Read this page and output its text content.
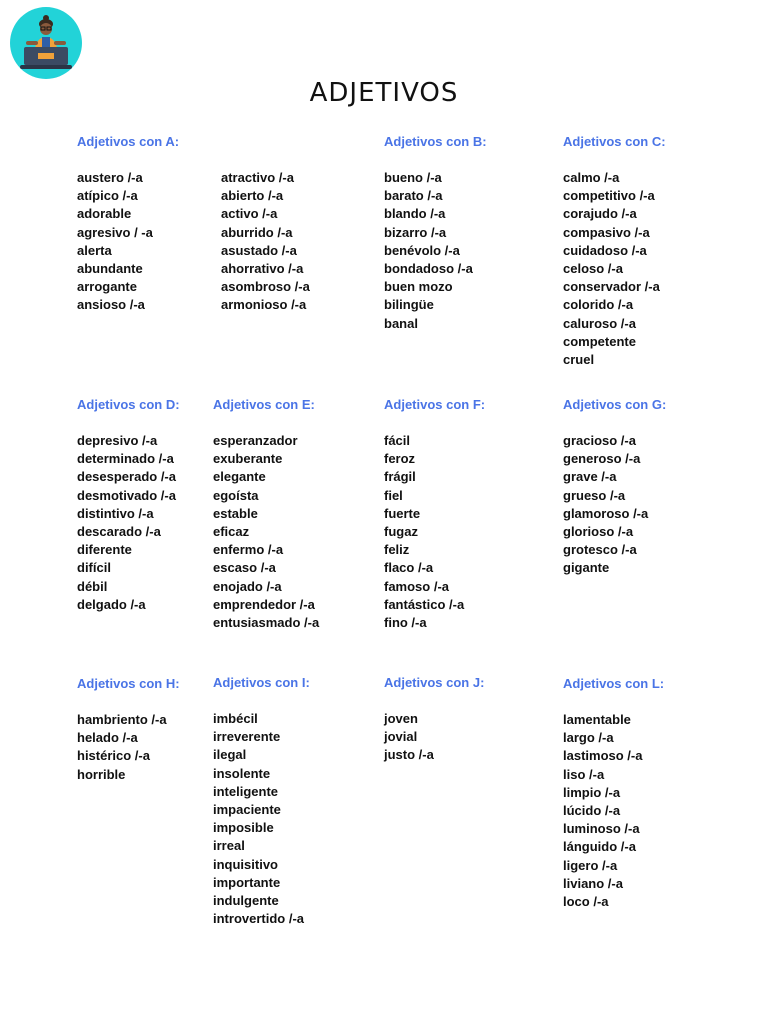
ADJETIVOS
Adjetivos con A:
austero /-a
atípico /-a
adorable
agresivo / -a
alerta
abundante
arrogante
ansioso /-a
atractivo /-a
abierto /-a
activo /-a
aburrido /-a
asustado /-a
ahorrativo /-a
asombroso /-a
armonioso /-a
Adjetivos con B:
bueno /-a
barato /-a
blando /-a
bizarro /-a
benévolo /-a
bondadoso /-a
buen mozo
bilingüe
banal
Adjetivos con C:
calmo /-a
competitivo /-a
corajudo /-a
compasivo /-a
cuidadoso /-a
celoso /-a
conservador /-a
colorido /-a
caluroso /-a
competente
cruel
Adjetivos con D:
depresivo /-a
determinado /-a
desesperado /-a
desmotivado /-a
distintivo /-a
descarado /-a
diferente
difícil
débil
delgado /-a
Adjetivos con E:
esperanzador
exuberante
elegante
egoísta
estable
eficaz
enfermo /-a
escaso /-a
enojado /-a
emprendedor /-a
entusiasmado /-a
Adjetivos con F:
fácil
feroz
frágil
fiel
fuerte
fugaz
feliz
flaco /-a
famoso /-a
fantástico /-a
fino /-a
Adjetivos con G:
gracioso /-a
generoso /-a
grave /-a
grueso /-a
glamoroso /-a
glorioso /-a
grotesco /-a
gigante
Adjetivos con H:
hambriento /-a
helado /-a
histérico /-a
horrible
Adjetivos con I:
imbécil
irreverente
ilegal
insolente
inteligente
impaciente
imposible
irreal
inquisitivo
importante
indulgente
introvertido /-a
Adjetivos con J:
joven
jovial
justo /-a
Adjetivos con L:
lamentable
largo /-a
lastimoso /-a
liso /-a
limpio /-a
lúcido /-a
luminoso /-a
lánguido /-a
ligero /-a
liviano /-a
loco /-a
